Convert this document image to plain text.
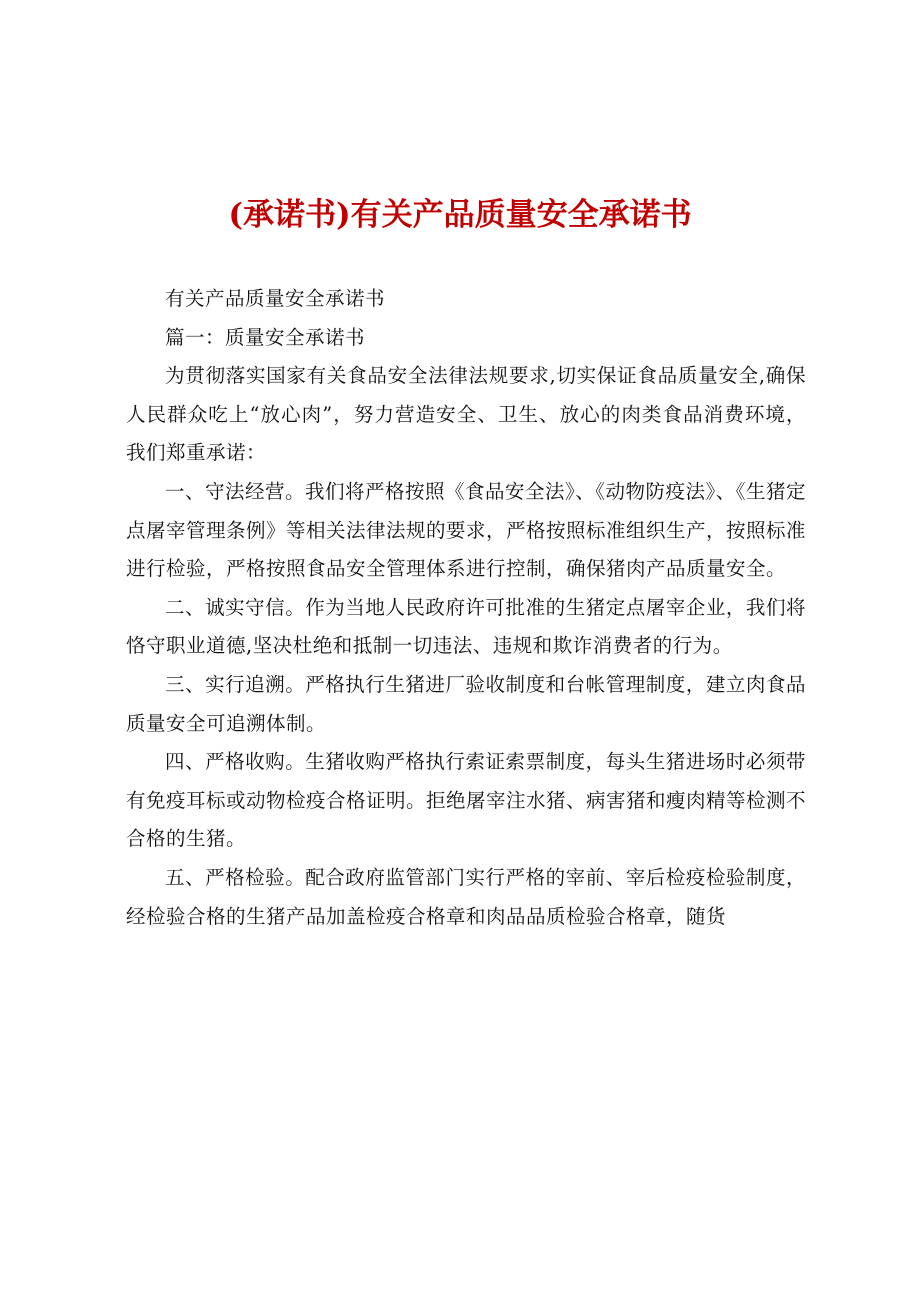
(承诺书)有关产品质量安全承诺书

有关产品质量安全承诺书

篇一：质量安全承诺书

为贯彻落实国家有关食品安全法律法规要求,切实保证食品质量安全,确保人民群众吃上“放心肉”，努力营造安全、卫生、放心的肉类食品消费环境，我们郑重承诺：

一、守法经营。我们将严格按照《食品安全法》、《动物防疫法》、《生猪定点屠宰管理条例》等相关法律法规的要求，严格按照标准组织生产，按照标准进行检验，严格按照食品安全管理体系进行控制，确保猪肉产品质量安全。

二、诚实守信。作为当地人民政府许可批准的生猪定点屠宰企业，我们将恪守职业道德,坚决杜绝和抵制一切违法、违规和欺诈消费者的行为。

三、实行追溯。严格执行生猪进厂验收制度和台帐管理制度，建立肉食品质量安全可追溯体制。

四、严格收购。生猪收购严格执行索证索票制度，每头生猪进场时必须带有免疫耳标或动物检疫合格证明。拒绝屠宰注水猪、病害猪和瘦肉精等检测不合格的生猪。

五、严格检验。配合政府监管部门实行严格的宰前、宰后检疫检验制度，经检验合格的生猪产品加盖检疫合格章和肉品品质检验合格章，随货
